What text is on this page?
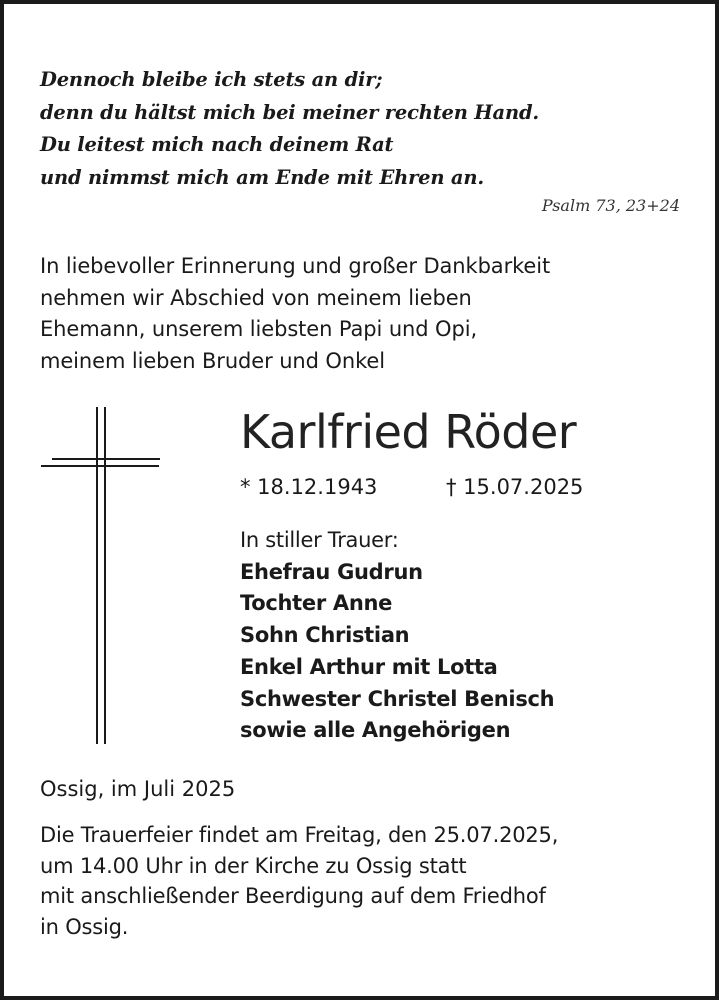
Dennoch bleibe ich stets an dir;
denn du hältst mich bei meiner rechten Hand.
Du leitest mich nach deinem Rat
und nimmst mich am Ende mit Ehren an.
Psalm 73, 23+24
In liebevoller Erinnerung und großer Dankbarkeit
nehmen wir Abschied von meinem lieben
Ehemann, unserem liebsten Papi und Opi,
meinem lieben Bruder und Onkel
Karlfried Röder
* 18.12.1943	† 15.07.2025
In stiller Trauer:
Ehefrau Gudrun
Tochter Anne
Sohn Christian
Enkel Arthur mit Lotta
Schwester Christel Benisch
sowie alle Angehörigen
Ossig, im Juli 2025
Die Trauerfeier findet am Freitag, den 25.07.2025,
um 14.00 Uhr in der Kirche zu Ossig statt
mit anschließender Beerdigung auf dem Friedhof
in Ossig.
